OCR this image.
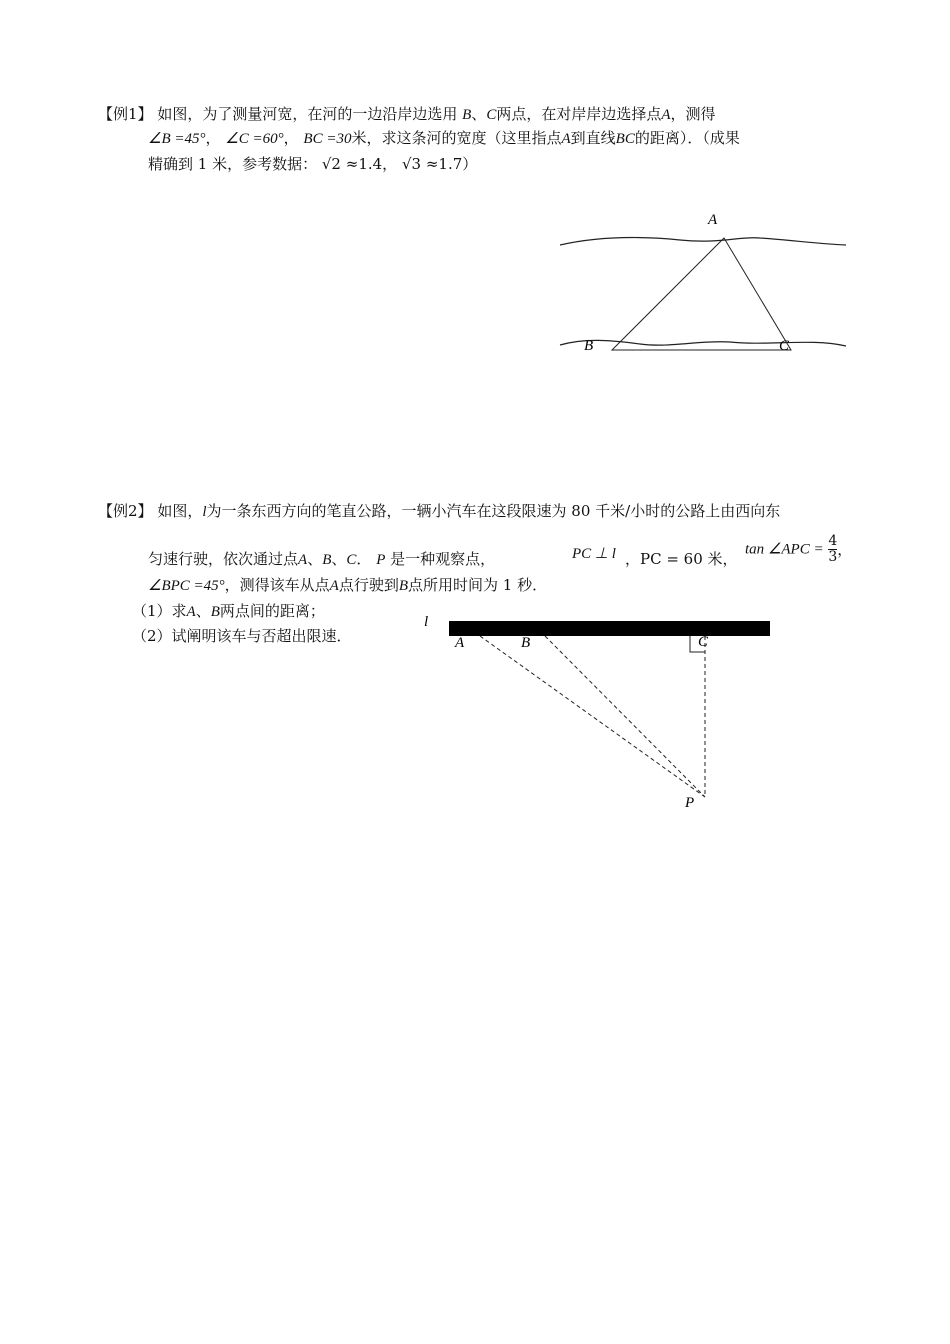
【例1】 如图，为了测量河宽，在河的一边沿岸边选用 B、C两点，在对岸岸边选择点A，测得
∠B =45°， ∠C =60°， BC =30米，求这条河的宽度（这里指点A到直线BC的距离）．（成果
精确到 1 米，参考数据： √2 ≈1.4， √3 ≈1.7）
A
B	C
l
A	B	C
P
【例2】 如图，l为一条东西方向的笔直公路，一辆小汽车在这段限速为 80 千米/小时的公路上由西向东
匀速行驶，依次通过点A、B、C． P 是一种观察点，	PC ⊥ l ， PC = 60 米，
tan ∠APC = $\frac{4}{3}$ ，
∠BPC =45°，测得该车从点A点行驶到B点所用时间为 1 秒．
（1）求A、B两点间的距离；
（2）试阐明该车与否超出限速．
